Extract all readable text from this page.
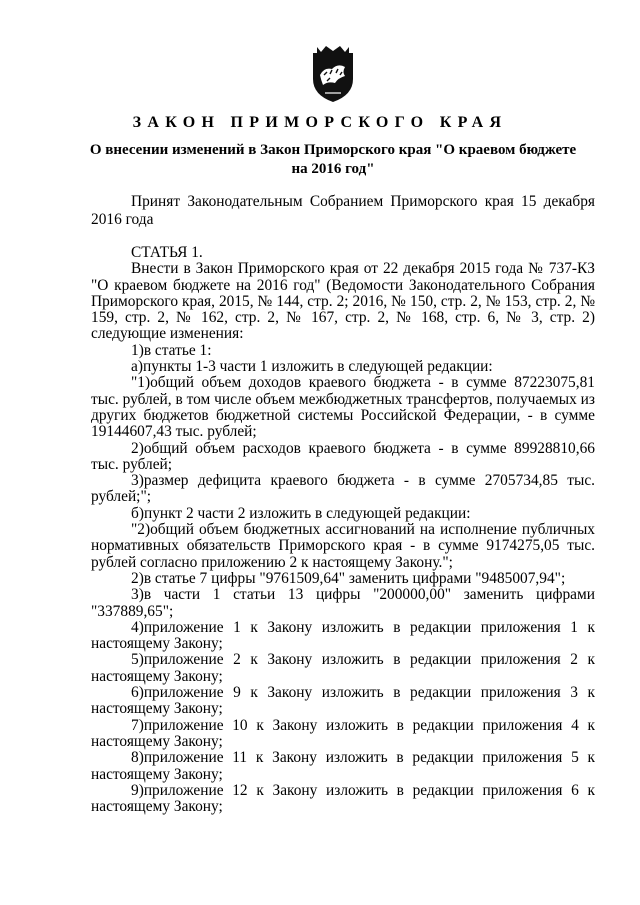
ЗАКОН ПРИМОРСКОГО КРАЯ
О внесении изменений в Закон Приморского края "О краевом бюджете
на 2016 год"
Принят Законодательным Собранием Приморского края 15 декабря 2016 года

СТАТЬЯ 1.

Внести в Закон Приморского края от 22 декабря 2015 года № 737-КЗ "О краевом бюджете на 2016 год" (Ведомости Законодательного Собрания Приморского края, 2015, № 144, стр. 2; 2016, № 150, стр. 2, № 153, стр. 2, № 159, стр. 2, № 162, стр. 2, № 167, стр. 2, № 168, стр. 6, № 3, стр. 2) следующие изменения:

1)в статье 1:

а)пункты 1-3 части 1 изложить в следующей редакции:

"1)общий объем доходов краевого бюджета - в сумме 87223075,81 тыс. рублей, в том числе объем межбюджетных трансфертов, получаемых из других бюджетов бюджетной системы Российской Федерации, - в сумме 19144607,43 тыс. рублей;

2)общий объем расходов краевого бюджета - в сумме 89928810,66 тыс. рублей;

3)размер дефицита краевого бюджета - в сумме 2705734,85 тыс. рублей;";

б)пункт 2 части 2 изложить в следующей редакции:

"2)общий объем бюджетных ассигнований на исполнение публичных нормативных обязательств Приморского края - в сумме 9174275,05 тыс. рублей согласно приложению 2 к настоящему Закону.";

2)в статье 7 цифры "9761509,64" заменить цифрами "9485007,94";

3)в части 1 статьи 13 цифры "200000,00" заменить цифрами "337889,65";

4)приложение 1 к Закону изложить в редакции приложения 1 к настоящему Закону;

5)приложение 2 к Закону изложить в редакции приложения 2 к настоящему Закону;

6)приложение 9 к Закону изложить в редакции приложения 3 к настоящему Закону;

7)приложение 10 к Закону изложить в редакции приложения 4 к настоящему Закону;

8)приложение 11 к Закону изложить в редакции приложения 5 к настоящему Закону;

9)приложение 12 к Закону изложить в редакции приложения 6 к настоящему Закону;
